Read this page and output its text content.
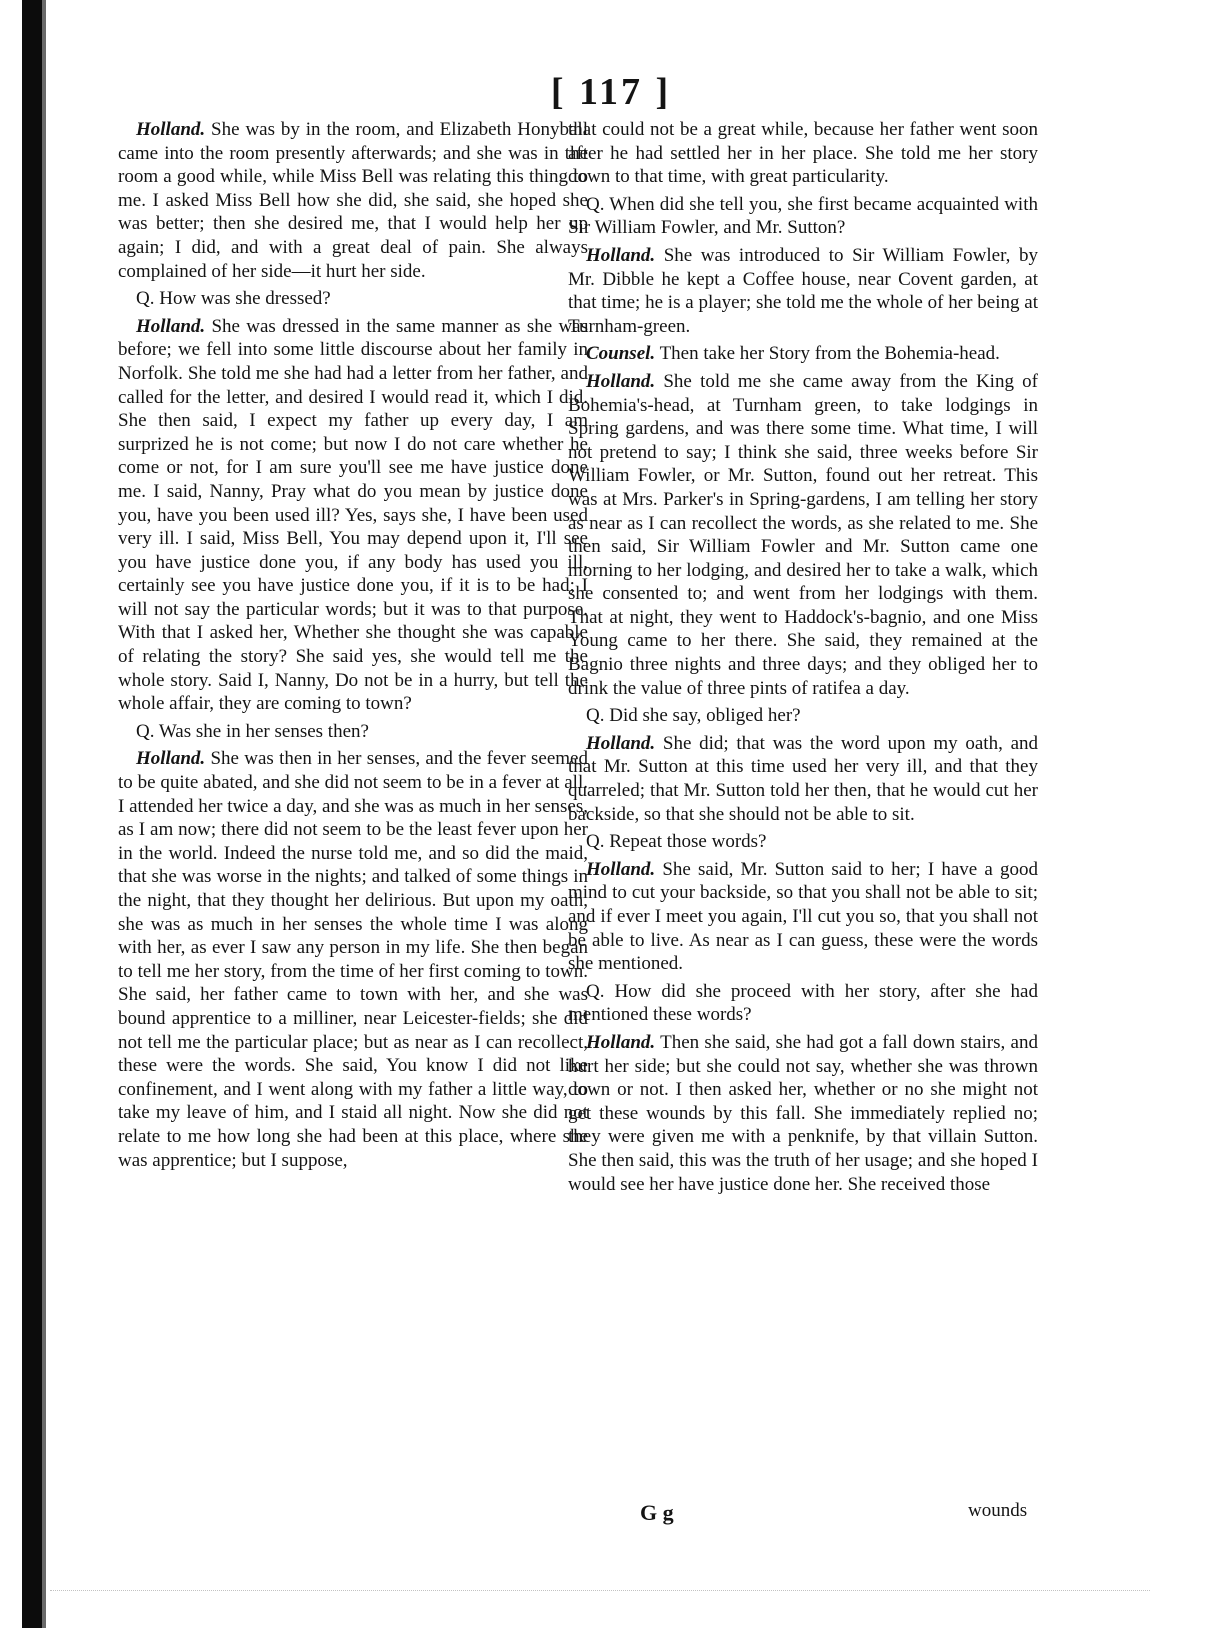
[ 117 ]

Holland. She was by in the room, and Elizabeth Honyball came into the room presently afterwards; and she was in the room a good while, while Miss Bell was relating this thing to me. I asked Miss Bell how she did, she said, she hoped she was better; then she desired me, that I would help her up again; I did, and with a great deal of pain. She always complained of her side—it hurt her side.

Q. How was she dressed?

Holland. She was dressed in the same manner as she was before; we fell into some little discourse about her family in Norfolk. She told me she had had a letter from her father, and called for the letter, and desired I would read it, which I did. She then said, I expect my father up every day, I am surprized he is not come; but now I do not care whether he come or not, for I am sure you'll see me have justice done me. I said, Nanny, Pray what do you mean by justice done you, have you been used ill? Yes, says she, I have been used very ill. I said, Miss Bell, You may depend upon it, I'll see you have justice done you, if any body has used you ill, certainly see you have justice done you, if it is to be had; I will not say the particular words; but it was to that purpose. With that I asked her, Whether she thought she was capable of relating the story? She said yes, she would tell me the whole story. Said I, Nanny, Do not be in a hurry, but tell the whole affair, they are coming to town?

Q. Was she in her senses then?

Holland. She was then in her senses, and the fever seemed to be quite abated, and she did not seem to be in a fever at all. I attended her twice a day, and she was as much in her senses, as I am now; there did not seem to be the least fever upon her in the world. Indeed the nurse told me, and so did the maid, that she was worse in the nights; and talked of some things in the night, that they thought her delirious. But upon my oath, she was as much in her senses the whole time I was along with her, as ever I saw any person in my life. She then began to tell me her story, from the time of her first coming to town. She said, her father came to town with her, and she was bound apprentice to a milliner, near Leicester-fields; she did not tell me the particular place; but as near as I can recollect, these were the words. She said, You know I did not like confinement, and I went along with my father a little way, to take my leave of him, and I staid all night. Now she did not relate to me how long she had been at this place, where she was apprentice; but I suppose,

that could not be a great while, because her father went soon after he had settled her in her place. She told me her story down to that time, with great particularity.

Q. When did she tell you, she first became acquainted with Sir William Fowler, and Mr. Sutton?

Holland. She was introduced to Sir William Fowler, by Mr. Dibble he kept a Coffee house, near Covent garden, at that time; he is a player; she told me the whole of her being at Turnham-green.

Counsel. Then take her Story from the Bohemia-head.

Holland. She told me she came away from the King of Bohemia's-head, at Turnham green, to take lodgings in Spring gardens, and was there some time. What time, I will not pretend to say; I think she said, three weeks before Sir William Fowler, or Mr. Sutton, found out her retreat. This was at Mrs. Parker's in Spring-gardens, I am telling her story as near as I can recollect the words, as she related to me. She then said, Sir William Fowler and Mr. Sutton came one morning to her lodging, and desired her to take a walk, which she consented to; and went from her lodgings with them. That at night, they went to Haddock's-bagnio, and one Miss Young came to her there. She said, they remained at the Bagnio three nights and three days; and they obliged her to drink the value of three pints of ratifea a day.

Q. Did she say, obliged her?

Holland. She did; that was the word upon my oath, and that Mr. Sutton at this time used her very ill, and that they quarreled; that Mr. Sutton told her then, that he would cut her backside, so that she should not be able to sit.

Q. Repeat those words?

Holland. She said, Mr. Sutton said to her; I have a good mind to cut your backside, so that you shall not be able to sit; and if ever I meet you again, I'll cut you so, that you shall not be able to live. As near as I can guess, these were the words she mentioned.

Q. How did she proceed with her story, after she had mentioned these words?

Holland. Then she said, she had got a fall down stairs, and hurt her side; but she could not say, whether she was thrown down or not. I then asked her, whether or no she might not get these wounds by this fall. She immediately replied no; they were given me with a penknife, by that villain Sutton. She then said, this was the truth of her usage; and she hoped I would see her have justice done her. She received those

G g	wounds
